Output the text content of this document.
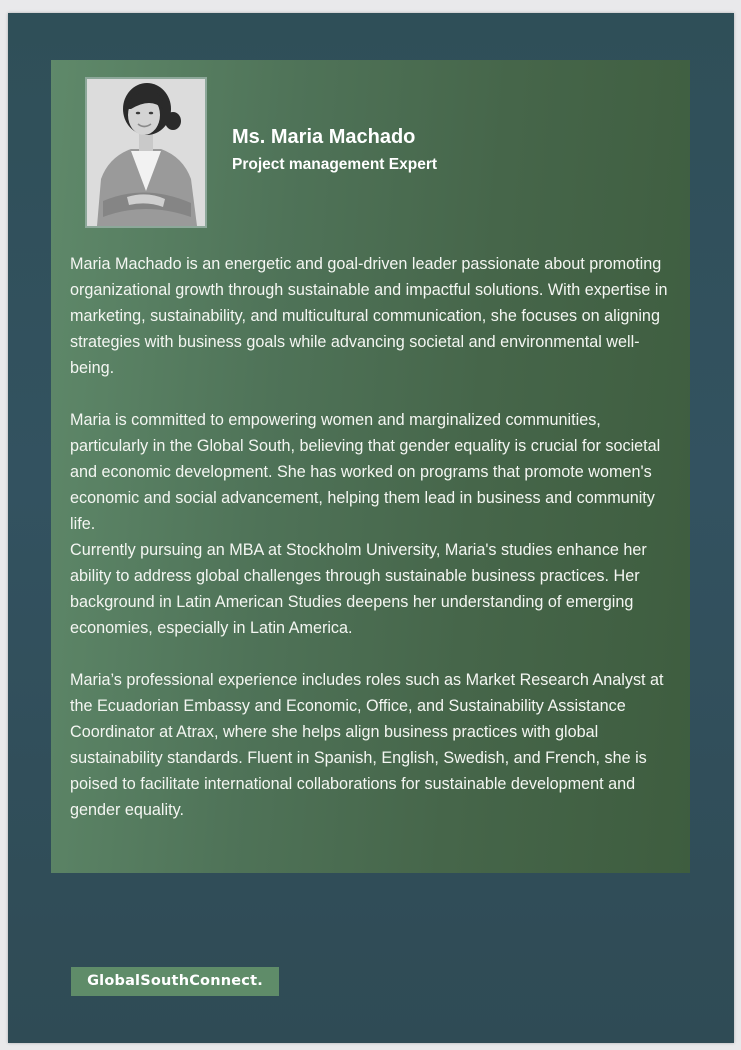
Ms. Maria Machado
Project management Expert

Maria Machado is an energetic and goal-driven leader passionate about promoting organizational growth through sustainable and impactful solutions. With expertise in marketing, sustainability, and multicultural communication, she focuses on aligning strategies with business goals while advancing societal and environmental well-being.

Maria is committed to empowering women and marginalized communities, particularly in the Global South, believing that gender equality is crucial for societal and economic development. She has worked on programs that promote women's economic and social advancement, helping them lead in business and community life.

Currently pursuing an MBA at Stockholm University, Maria's studies enhance her ability to address global challenges through sustainable business practices. Her background in Latin American Studies deepens her understanding of emerging economies, especially in Latin America.

Maria’s professional experience includes roles such as Market Research Analyst at the Ecuadorian Embassy and Economic, Office, and Sustainability Assistance Coordinator at Atrax, where she helps align business practices with global sustainability standards. Fluent in Spanish, English, Swedish, and French, she is poised to facilitate international collaborations for sustainable development and gender equality.

GlobalSouthConnect.
